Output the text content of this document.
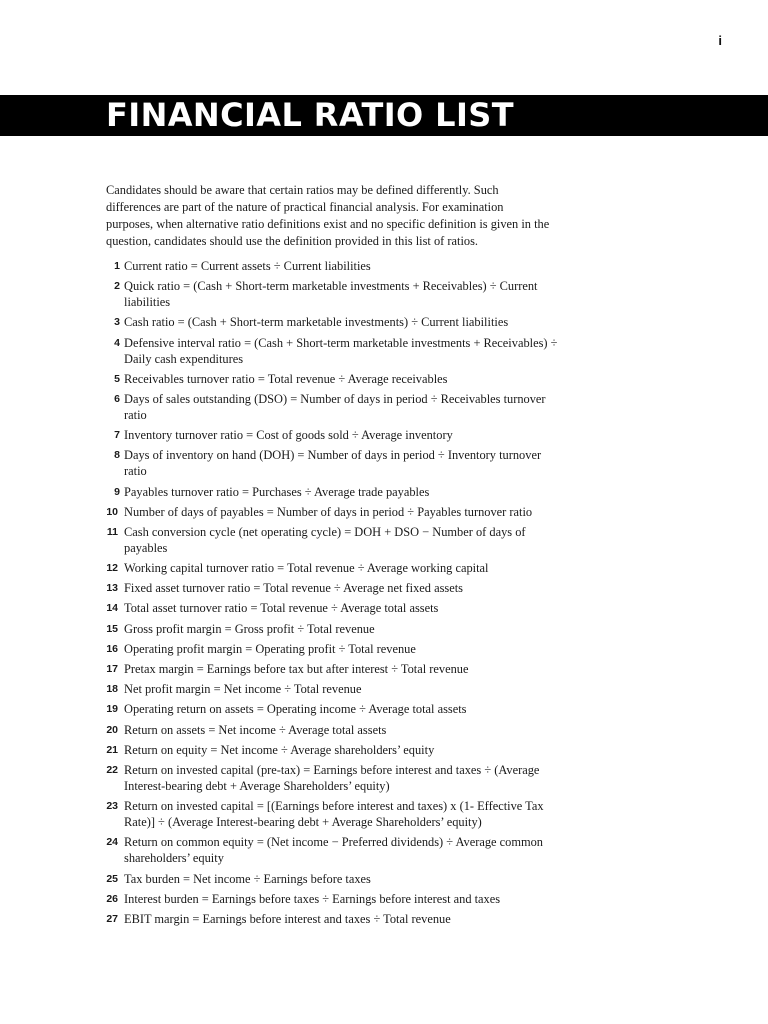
i
FINANCIAL RATIO LIST

Candidates should be aware that certain ratios may be defined differently. Such differences are part of the nature of practical financial analysis. For examination purposes, when alternative ratio definitions exist and no specific definition is given in the question, candidates should use the definition provided in this list of ratios.

1 Current ratio = Current assets ÷ Current liabilities
2 Quick ratio = (Cash + Short-term marketable investments + Receivables) ÷ Current liabilities
3 Cash ratio = (Cash + Short-term marketable investments) ÷ Current liabilities
4 Defensive interval ratio = (Cash + Short-term marketable investments + Receivables) ÷ Daily cash expenditures
5 Receivables turnover ratio = Total revenue ÷ Average receivables
6 Days of sales outstanding (DSO) = Number of days in period ÷ Receivables turnover ratio
7 Inventory turnover ratio = Cost of goods sold ÷ Average inventory
8 Days of inventory on hand (DOH) = Number of days in period ÷ Inventory turnover ratio
9 Payables turnover ratio = Purchases ÷ Average trade payables
10 Number of days of payables = Number of days in period ÷ Payables turnover ratio
11 Cash conversion cycle (net operating cycle) = DOH + DSO − Number of days of payables
12 Working capital turnover ratio = Total revenue ÷ Average working capital
13 Fixed asset turnover ratio = Total revenue ÷ Average net fixed assets
14 Total asset turnover ratio = Total revenue ÷ Average total assets
15 Gross profit margin = Gross profit ÷ Total revenue
16 Operating profit margin = Operating profit ÷ Total revenue
17 Pretax margin = Earnings before tax but after interest ÷ Total revenue
18 Net profit margin = Net income ÷ Total revenue
19 Operating return on assets = Operating income ÷ Average total assets
20 Return on assets = Net income ÷ Average total assets
21 Return on equity = Net income ÷ Average shareholders’ equity
22 Return on invested capital (pre-tax) = Earnings before interest and taxes ÷ (Average Interest-bearing debt + Average Shareholders’ equity)
23 Return on invested capital = [(Earnings before interest and taxes) x (1- Effective Tax Rate)] ÷ (Average Interest-bearing debt + Average Shareholders’ equity)
24 Return on common equity = (Net income − Preferred dividends) ÷ Average common shareholders’ equity
25 Tax burden = Net income ÷ Earnings before taxes
26 Interest burden = Earnings before taxes ÷ Earnings before interest and taxes
27 EBIT margin = Earnings before interest and taxes ÷ Total revenue
